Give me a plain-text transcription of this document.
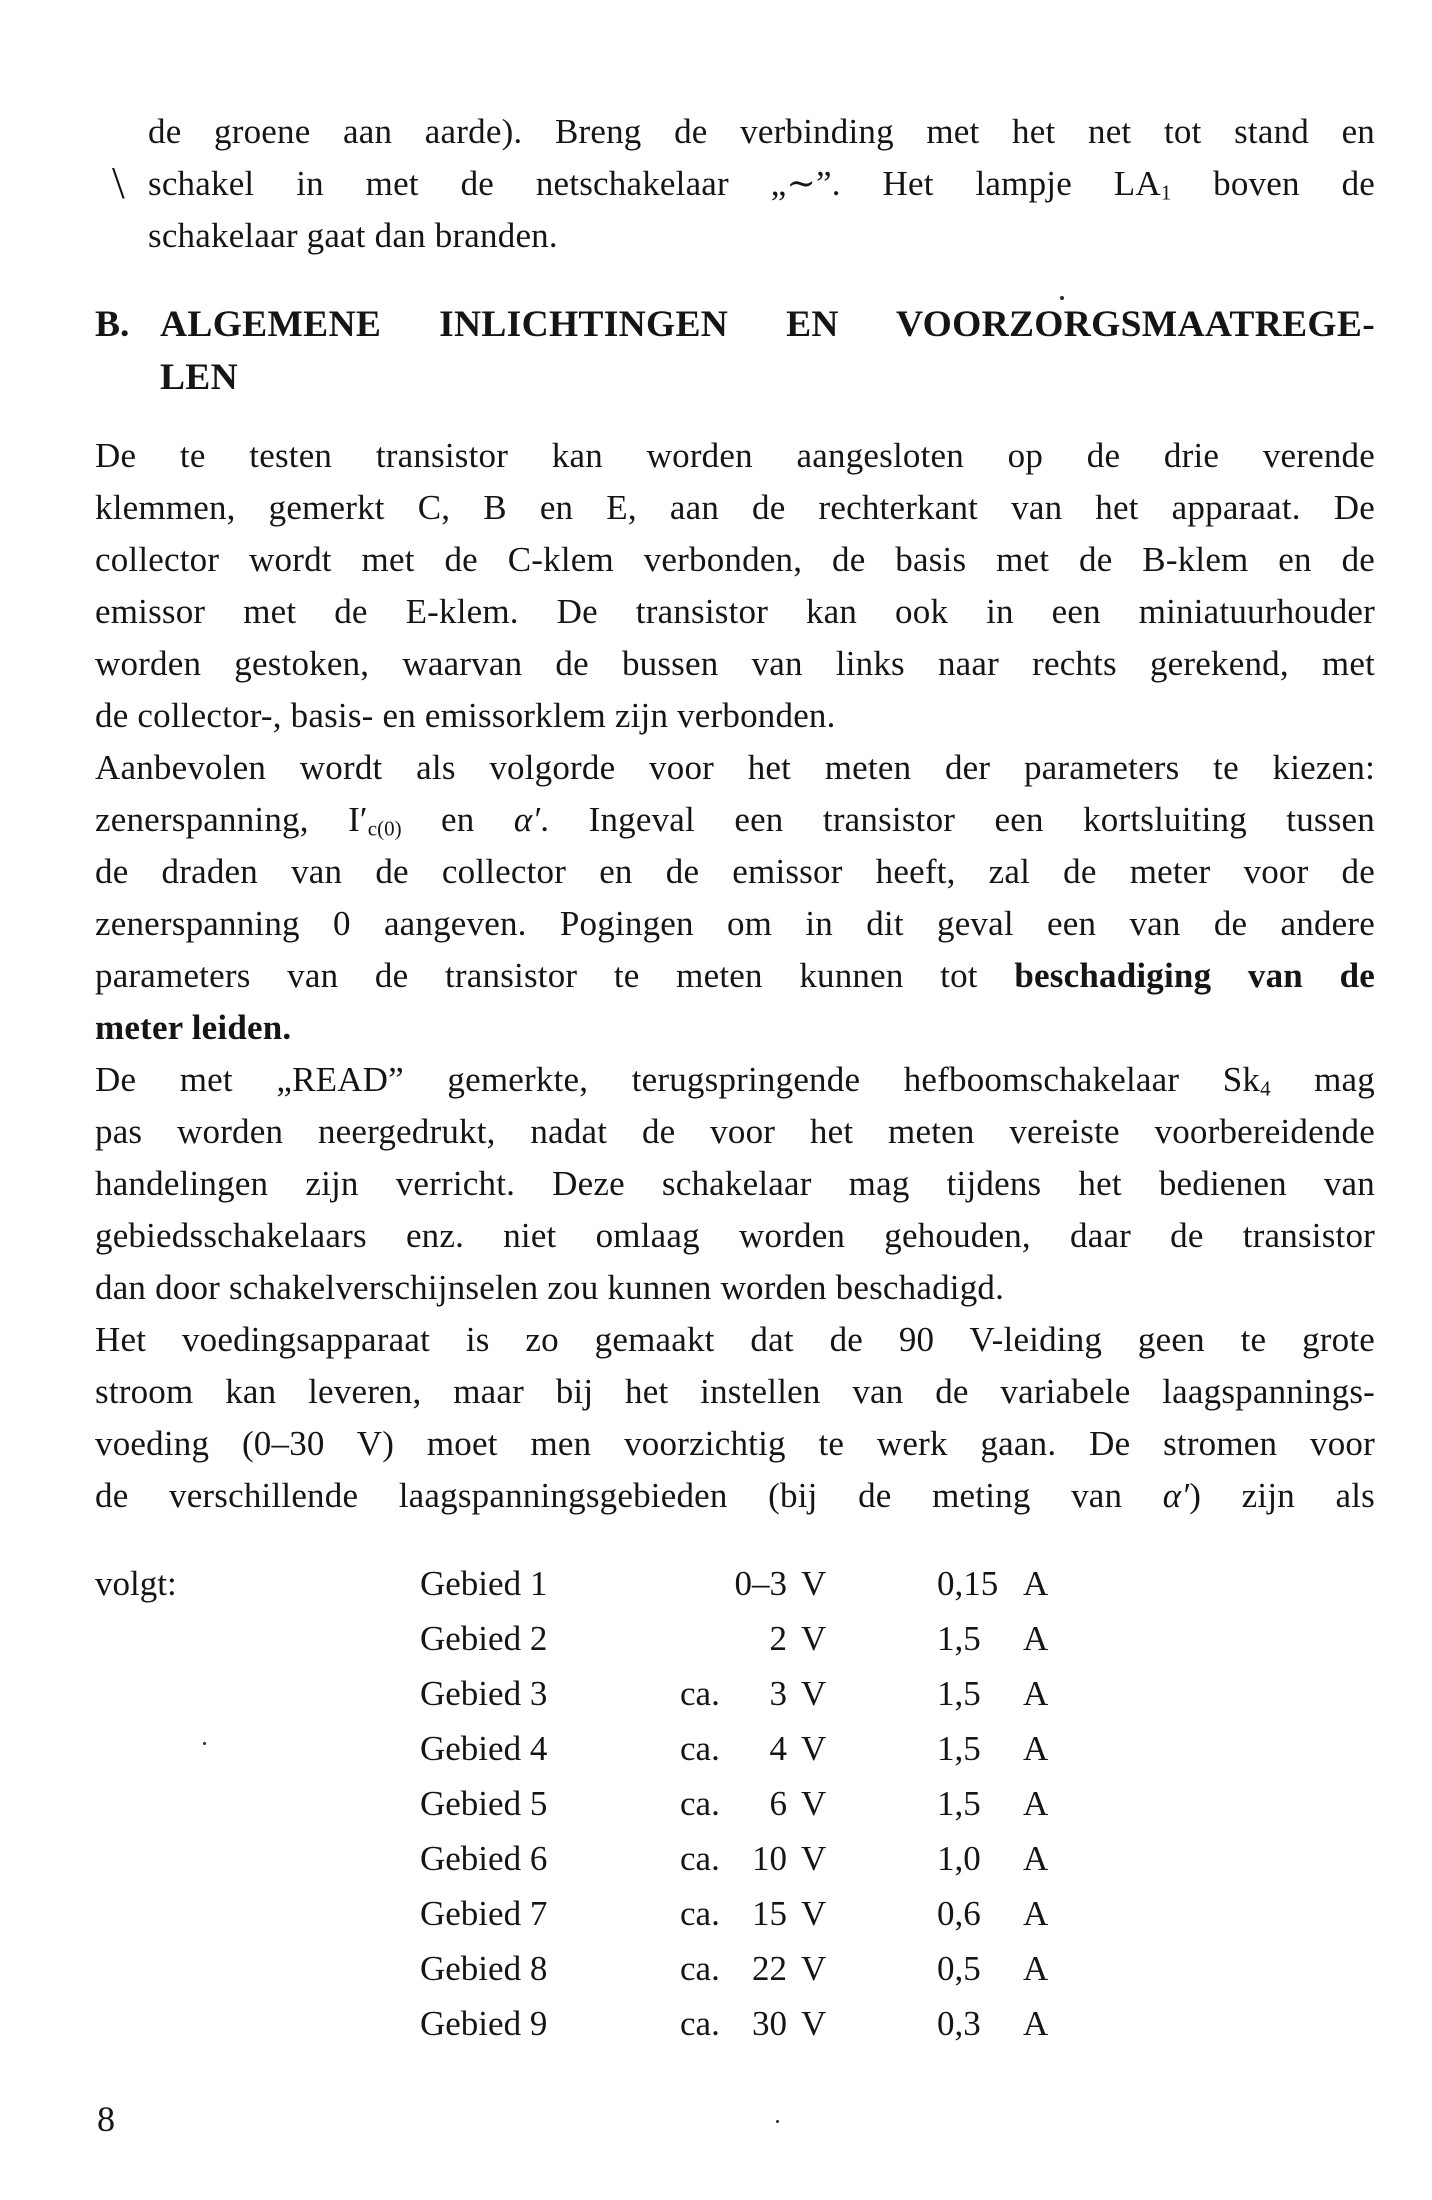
\
de groene aan aarde). Breng de verbinding met het net tot stand en
schakel in met de netschakelaar „∼”. Het lampje $LA_1$ boven de
schakelaar gaat dan branden.
B. ALGEMENE INLICHTINGEN EN VOORZORGSMAATREGE-
LEN
De te testen transistor kan worden aangesloten op de drie verende
klemmen, gemerkt C, B en E, aan de rechterkant van het apparaat. De
collector wordt met de C-klem verbonden, de basis met de B-klem en de
emissor met de E-klem. De transistor kan ook in een miniatuurhouder
worden gestoken, waarvan de bussen van links naar rechts gerekend, met
de collector-, basis- en emissorklem zijn verbonden.
Aanbevolen wordt als volgorde voor het meten der parameters te kiezen:
zenerspanning, $I'_{c(0)}$ en α′. Ingeval een transistor een kortsluiting tussen
de draden van de collector en de emissor heeft, zal de meter voor de
zenerspanning 0 aangeven. Pogingen om in dit geval een van de andere
parameters van de transistor te meten kunnen tot beschadiging van de
meter leiden.
De met „READ” gemerkte, terugspringende hefboomschakelaar $Sk_4$ mag
pas worden neergedrukt, nadat de voor het meten vereiste voorbereidende
handelingen zijn verricht. Deze schakelaar mag tijdens het bedienen van
gebiedsschakelaars enz. niet omlaag worden gehouden, daar de transistor
dan door schakelverschijnselen zou kunnen worden beschadigd.
Het voedingsapparaat is zo gemaakt dat de 90 V-leiding geen te grote
stroom kan leveren, maar bij het instellen van de variabele laagspannings-
voeding (0–30 V) moet men voorzichtig te werk gaan. De stromen voor
de verschillende laagspanningsgebieden (bij de meting van α′) zijn als
volgt:	Gebied 1	0–3 V	0,15 A
Gebied 2	2 V	1,5 A
Gebied 3	ca.	3 V	1,5 A
Gebied 4	ca.	4 V	1,5 A
Gebied 5	ca.	6 V	1,5 A
Gebied 6	ca. 10 V	1,0 A
Gebied 7	ca. 15 V	0,6 A
Gebied 8	ca. 22 V	0,5 A
Gebied 9	ca. 30 V	0,3 A
8
